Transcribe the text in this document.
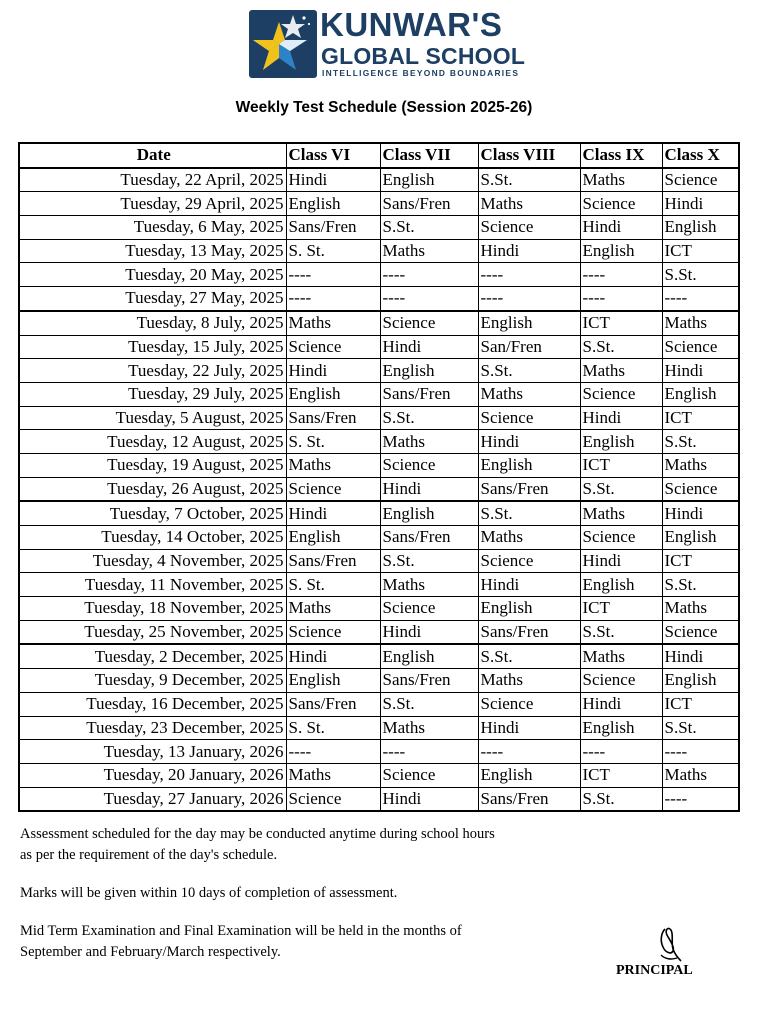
KUNWAR'S
GLOBAL SCHOOL
INTELLIGENCE BEYOND BOUNDARIES
Weekly Test Schedule (Session 2025-26)
Date	Class VI	Class VII	Class VIII	Class IX	Class X
Tuesday, 22 April, 2025	Hindi	English	S.St.	Maths	Science
Tuesday, 29 April, 2025	English	Sans/Fren	Maths	Science	Hindi
Tuesday, 6 May, 2025	Sans/Fren	S.St.	Science	Hindi	English
Tuesday, 13 May, 2025	S. St.	Maths	Hindi	English	ICT
Tuesday, 20 May, 2025	----	----	----	----	S.St.
Tuesday, 27 May, 2025	----	----	----	----	----
Tuesday, 8 July, 2025	Maths	Science	English	ICT	Maths
Tuesday, 15 July, 2025	Science	Hindi	San/Fren	S.St.	Science
Tuesday, 22 July, 2025	Hindi	English	S.St.	Maths	Hindi
Tuesday, 29 July, 2025	English	Sans/Fren	Maths	Science	English
Tuesday, 5 August, 2025	Sans/Fren	S.St.	Science	Hindi	ICT
Tuesday, 12 August, 2025	S. St.	Maths	Hindi	English	S.St.
Tuesday, 19 August, 2025	Maths	Science	English	ICT	Maths
Tuesday, 26 August, 2025	Science	Hindi	Sans/Fren	S.St.	Science
Tuesday, 7 October, 2025	Hindi	English	S.St.	Maths	Hindi
Tuesday, 14 October, 2025	English	Sans/Fren	Maths	Science	English
Tuesday, 4 November, 2025	Sans/Fren	S.St.	Science	Hindi	ICT
Tuesday, 11 November, 2025	S. St.	Maths	Hindi	English	S.St.
Tuesday, 18 November, 2025	Maths	Science	English	ICT	Maths
Tuesday, 25 November, 2025	Science	Hindi	Sans/Fren	S.St.	Science
Tuesday, 2 December, 2025	Hindi	English	S.St.	Maths	Hindi
Tuesday, 9 December, 2025	English	Sans/Fren	Maths	Science	English
Tuesday, 16 December, 2025	Sans/Fren	S.St.	Science	Hindi	ICT
Tuesday, 23 December, 2025	S. St.	Maths	Hindi	English	S.St.
Tuesday, 13 January, 2026	----	----	----	----	----
Tuesday, 20 January, 2026	Maths	Science	English	ICT	Maths
Tuesday, 27 January, 2026	Science	Hindi	Sans/Fren	S.St.	----

Assessment scheduled for the day may be conducted anytime during school hours
as per the requirement of the day's schedule.

Marks will be given within 10 days of completion of assessment.

Mid Term Examination and Final Examination will be held in the months of
September and February/March respectively.

PRINCIPAL
